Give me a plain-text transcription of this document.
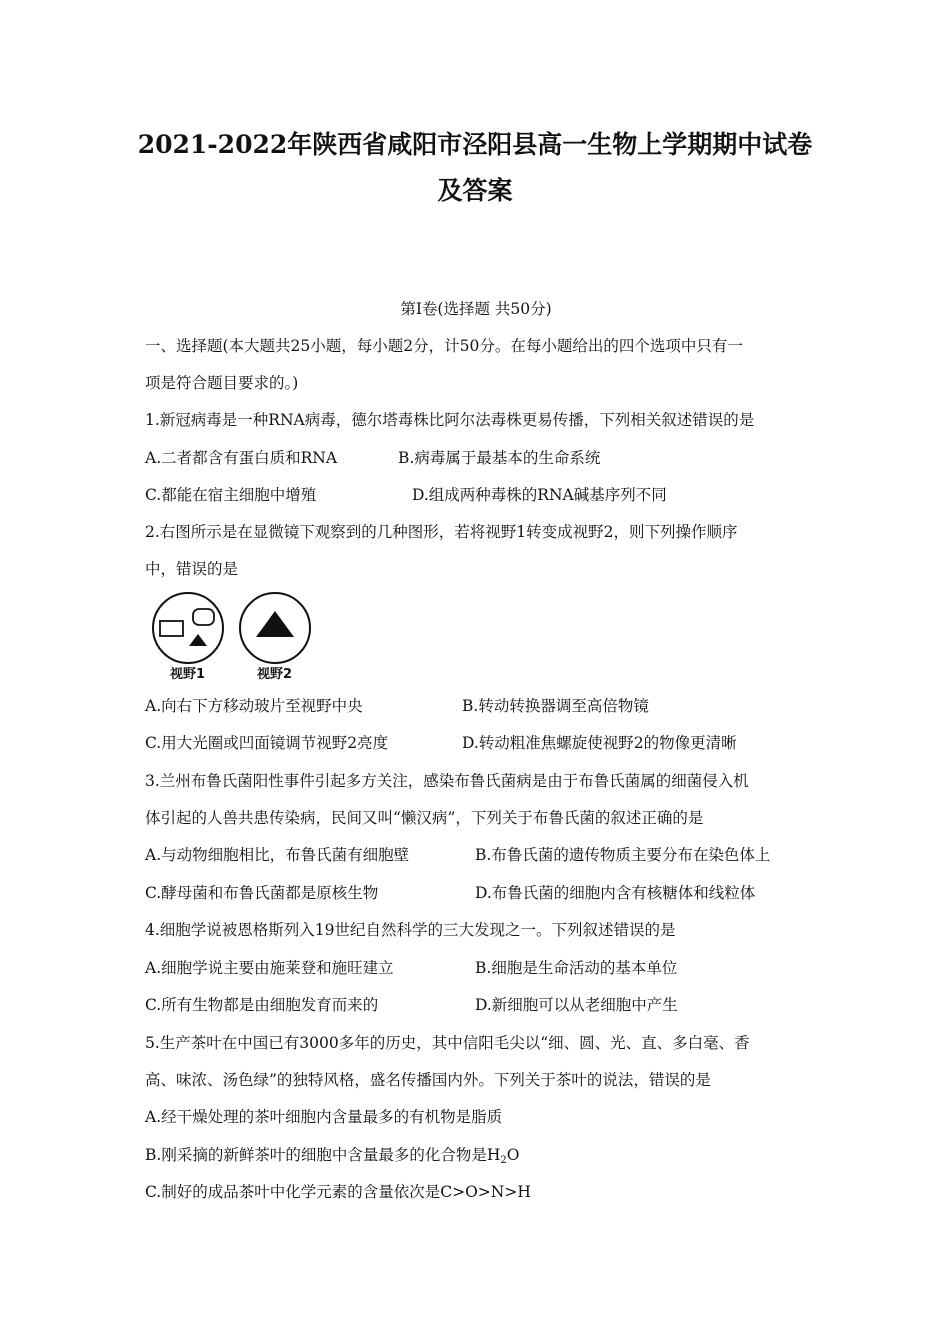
2021-2022年陕西省咸阳市泾阳县高一生物上学期期中试卷
及答案
第Ⅰ卷(选择题 共50分)
一、选择题(本大题共25小题，每小题2分，计50分。在每小题给出的四个选项中只有一
项是符合题目要求的。)
1.新冠病毒是一种RNA病毒，德尔塔毒株比阿尔法毒株更易传播，下列相关叙述错误的是
A.二者都含有蛋白质和RNA	B.病毒属于最基本的生命系统
C.都能在宿主细胞中增殖	D.组成两种毒株的RNA碱基序列不同
2.右图所示是在显微镜下观察到的几种图形，若将视野1转变成视野2，则下列操作顺序
中，错误的是
视野1	视野2
A.向右下方移动玻片至视野中央	B.转动转换器调至高倍物镜
C.用大光圈或凹面镜调节视野2亮度	D.转动粗准焦螺旋使视野2的物像更清晰
3.兰州布鲁氏菌阳性事件引起多方关注，感染布鲁氏菌病是由于布鲁氏菌属的细菌侵入机
体引起的人兽共患传染病，民间又叫“懒汉病”，下列关于布鲁氏菌的叙述正确的是
A.与动物细胞相比，布鲁氏菌有细胞壁	B.布鲁氏菌的遗传物质主要分布在染色体上
C.酵母菌和布鲁氏菌都是原核生物	D.布鲁氏菌的细胞内含有核糖体和线粒体
4.细胞学说被恩格斯列入19世纪自然科学的三大发现之一。下列叙述错误的是
A.细胞学说主要由施莱登和施旺建立	B.细胞是生命活动的基本单位
C.所有生物都是由细胞发育而来的	D.新细胞可以从老细胞中产生
5.生产茶叶在中国已有3000多年的历史，其中信阳毛尖以“细、圆、光、直、多白毫、香
高、味浓、汤色绿”的独特风格，盛名传播国内外。下列关于茶叶的说法，错误的是
A.经干燥处理的茶叶细胞内含量最多的有机物是脂质
B.刚采摘的新鲜茶叶的细胞中含量最多的化合物是$H_2O$
C.制好的成品茶叶中化学元素的含量依次是C>O>N>H
